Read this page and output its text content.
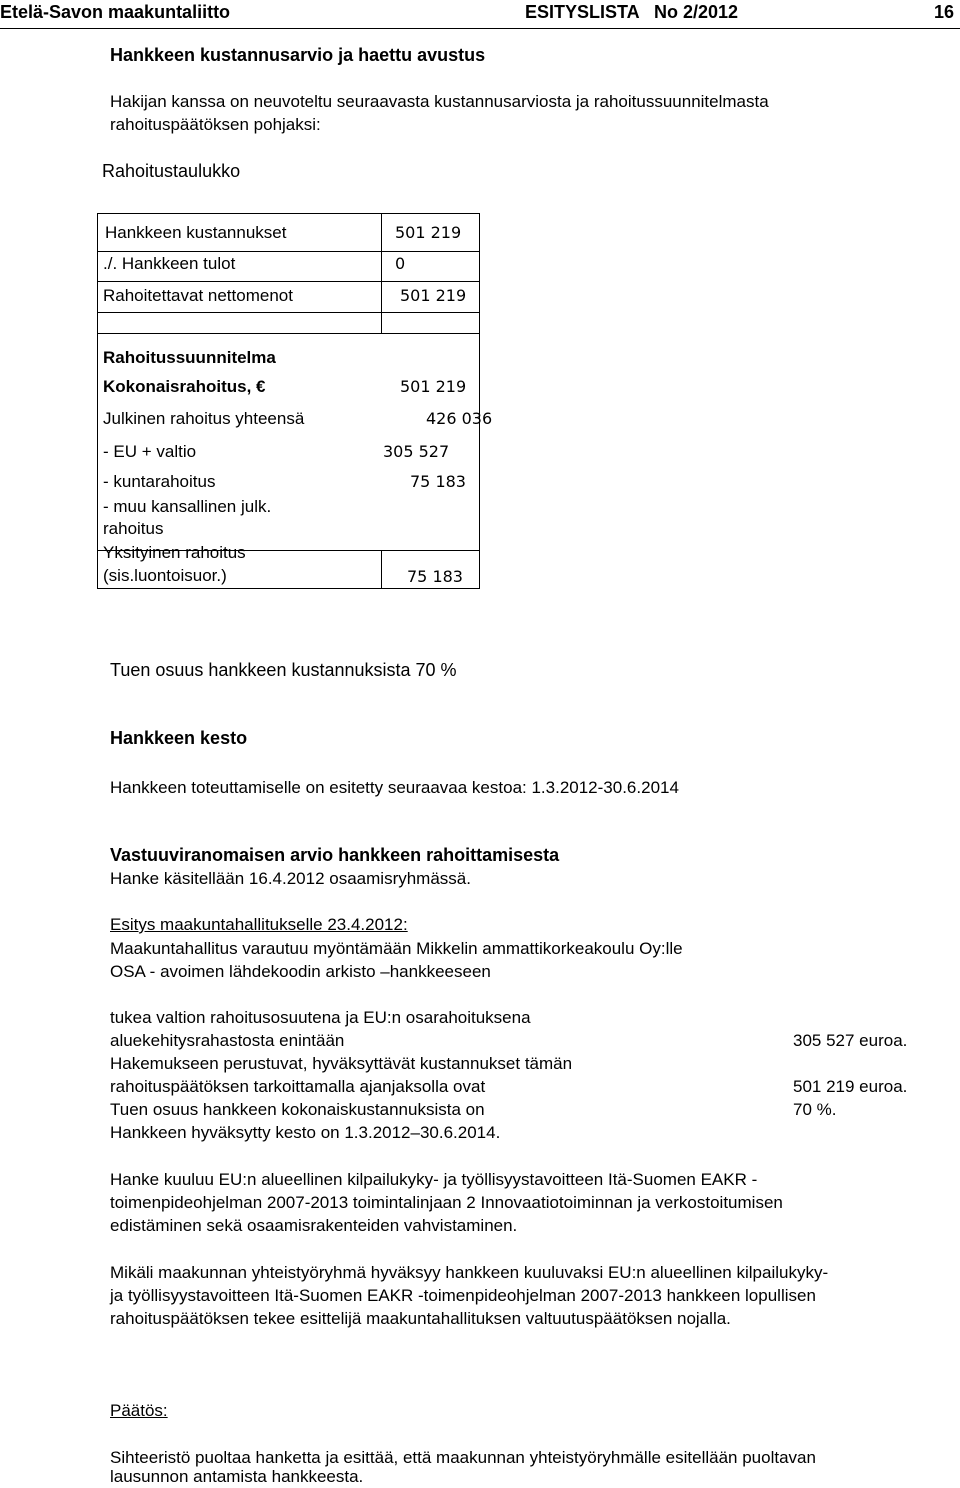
Etelä-Savon maakuntaliitto	ESITYSLISTA   No 2/2012	16
Hankkeen kustannusarvio ja haettu avustus
Hakijan kanssa on neuvoteltu seuraavasta kustannusarviosta ja rahoitussuunnitelmasta
rahoituspäätöksen pohjaksi:
Rahoitustaulukko
Hankkeen kustannukset	501 219
./. Hankkeen tulot	0
Rahoitettavat nettomenot	501 219
Rahoitussuunnitelma
Kokonaisrahoitus, €	501 219
Julkinen rahoitus yhteensä	426 036
- EU + valtio	305 527
- kuntarahoitus	75 183
- muu kansallinen julk.
rahoitus
Yksityinen rahoitus
(sis.luontoisuor.)	75 183
Tuen osuus hankkeen kustannuksista 70 %
Hankkeen kesto
Hankkeen toteuttamiselle on esitetty seuraavaa kestoa: 1.3.2012-30.6.2014
Vastuuviranomaisen arvio hankkeen rahoittamisesta
Hanke käsitellään 16.4.2012 osaamisryhmässä.
Esitys maakuntahallitukselle 23.4.2012:
Maakuntahallitus varautuu myöntämään Mikkelin ammattikorkeakoulu Oy:lle
OSA - avoimen lähdekoodin arkisto –hankkeeseen
tukea valtion rahoitusosuutena ja EU:n osarahoituksena
aluekehitysrahastosta enintään	305 527 euroa.
Hakemukseen perustuvat, hyväksyttävät kustannukset tämän
rahoituspäätöksen tarkoittamalla ajanjaksolla ovat	501 219 euroa.
Tuen osuus hankkeen kokonaiskustannuksista on	70 %.
Hankkeen hyväksytty kesto on 1.3.2012–30.6.2014.
Hanke kuuluu EU:n alueellinen kilpailukyky- ja työllisyystavoitteen Itä-Suomen EAKR -
toimenpideohjelman 2007-2013 toimintalinjaan 2 Innovaatiotoiminnan ja verkostoitumisen
edistäminen sekä osaamisrakenteiden vahvistaminen.
Mikäli maakunnan yhteistyöryhmä hyväksyy hankkeen kuuluvaksi EU:n alueellinen kilpailukyky-
ja työllisyystavoitteen Itä-Suomen EAKR -toimenpideohjelman 2007-2013 hankkeen lopullisen
rahoituspäätöksen tekee esittelijä maakuntahallituksen valtuutuspäätöksen nojalla.
Päätös:
Sihteeristö puoltaa hanketta ja esittää, että maakunnan yhteistyöryhmälle esitellään puoltavan
lausunnon antamista hankkeesta.
